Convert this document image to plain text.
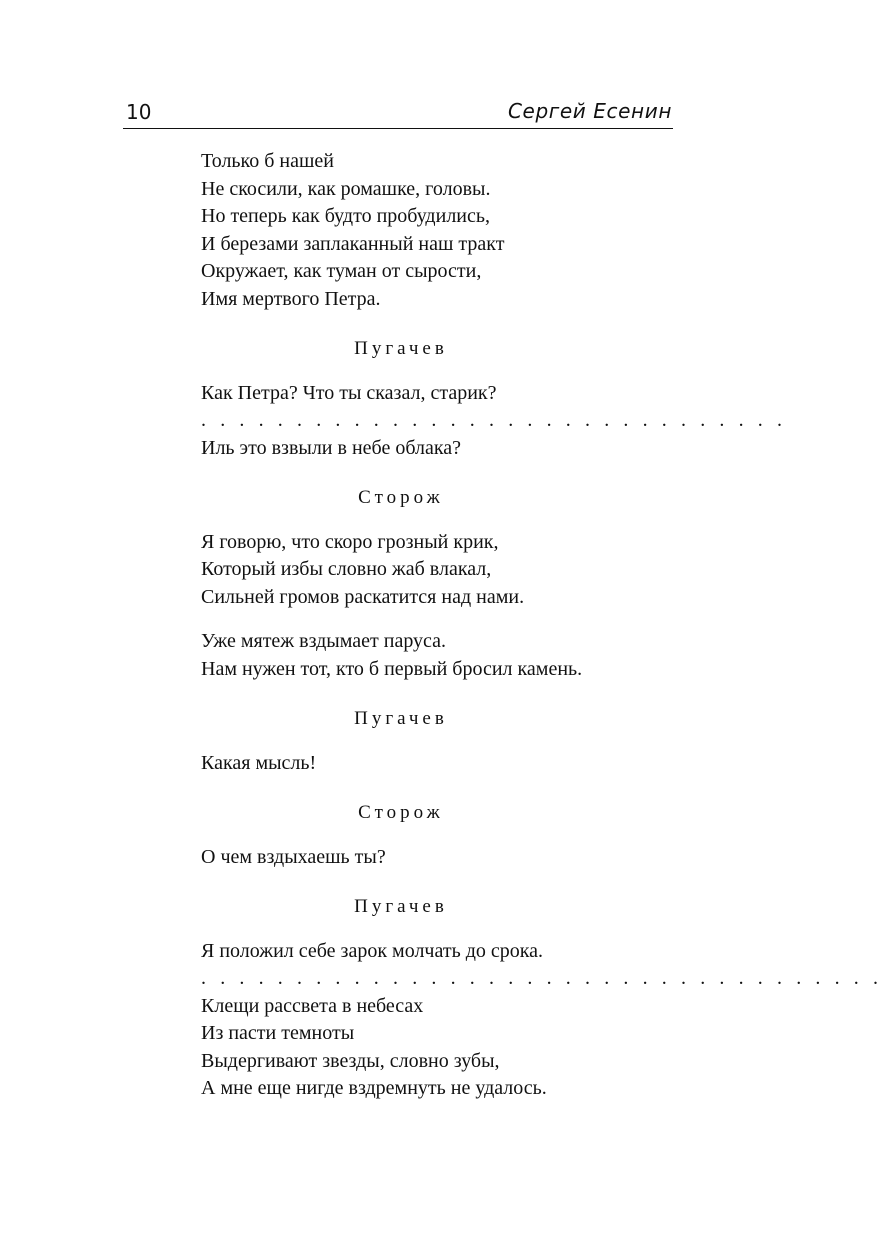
10	Сергей Есенин
Только б нашей
Не скосили, как ромашке, головы.
Но теперь как будто пробудились,
И березами заплаканный наш тракт
Окружает, как туман от сырости,
Имя мертвого Петра.
Пугачев
Как Петра? Что ты сказал, старик?
. . . . . . . . . . . . . . . . . . . . . . . . . . . . . . .
Иль это взвыли в небе облака?
Сторож
Я говорю, что скоро грозный крик,
Который избы словно жаб влакал,
Сильней громов раскатится над нами.
Уже мятеж вздымает паруса.
Нам нужен тот, кто б первый бросил камень.
Пугачев
Какая мысль!
Сторож
О чем вздыхаешь ты?
Пугачев
Я положил себе зарок молчать до срока.
. . . . . . . . . . . . . . . . . . . . . . . . . . . . . . . . . . . .
Клещи рассвета в небесах
Из пасти темноты
Выдергивают звезды, словно зубы,
А мне еще нигде вздремнуть не удалось.
